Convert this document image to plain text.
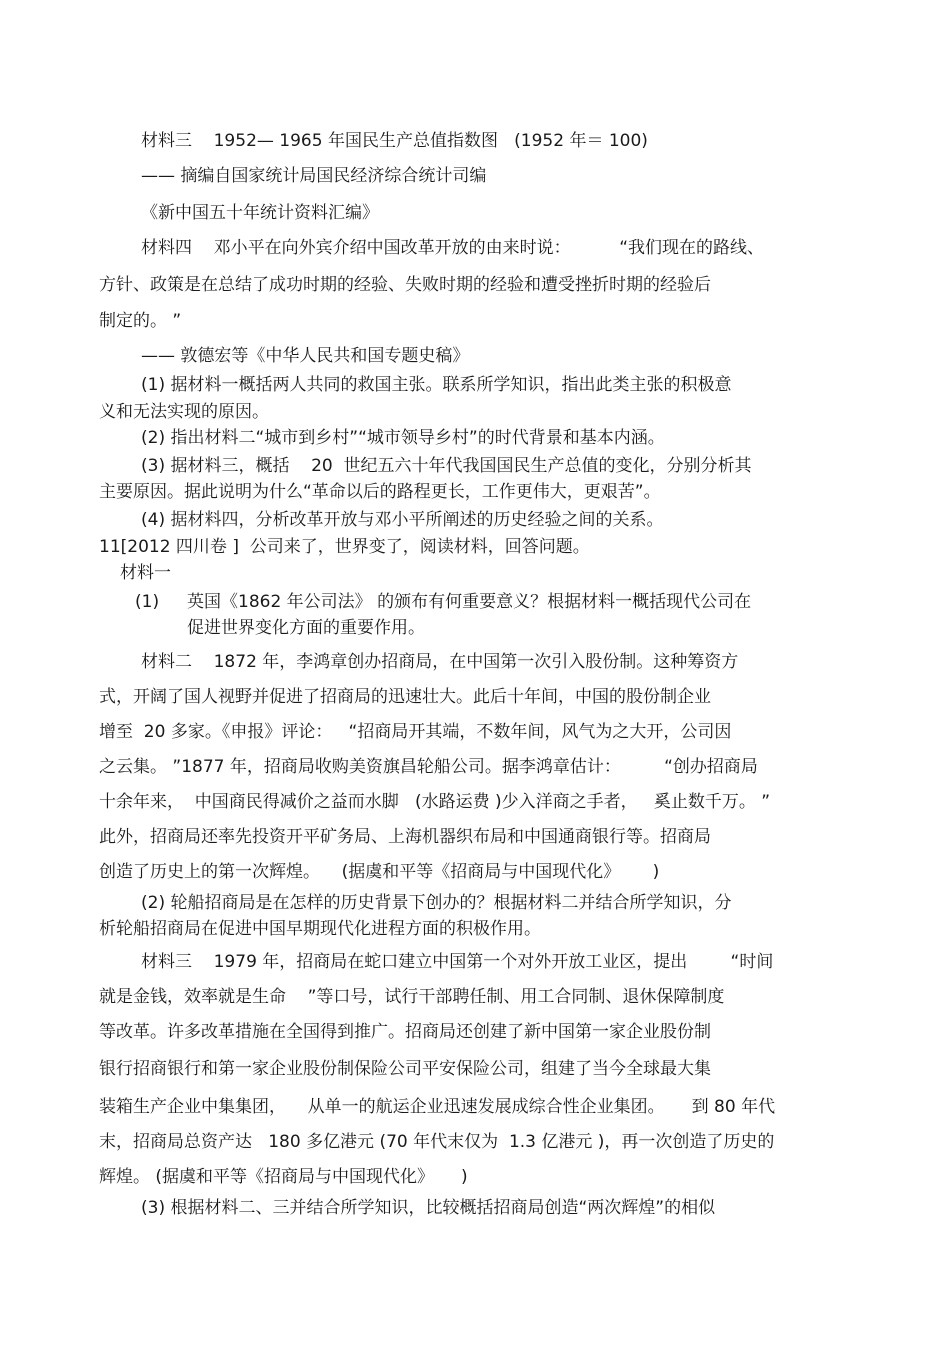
材料三    1952— 1965 年国民生产总值指数图   (1952 年＝ 100)
—— 摘编自国家统计局国民经济综合统计司编
《新中国五十年统计资料汇编》
材料四    邓小平在向外宾介绍中国改革开放的由来时说：         “我们现在的路线、
方针、政策是在总结了成功时期的经验、失败时期的经验和遭受挫折时期的经验后
制定的。 ”
—— 敦德宏等《中华人民共和国专题史稿》
(1) 据材料一概括两人共同的救国主张。联系所学知识，指出此类主张的积极意
义和无法实现的原因。
(2) 指出材料二“城市到乡村”“城市领导乡村”的时代背景和基本内涵。
(3) 据材料三，概括    20  世纪五六十年代我国国民生产总值的变化，分别分析其
主要原因。据此说明为什么“革命以后的路程更长，工作更伟大，更艰苦”。
(4) 据材料四，分析改革开放与邓小平所阐述的历史经验之间的关系。
11[2012 四川卷 ]  公司来了，世界变了，阅读材料，回答问题。
材料一
(1) 英国《1862 年公司法》 的颁布有何重要意义？根据材料一概括现代公司在
促进世界变化方面的重要作用。
材料二    1872 年，李鸿章创办招商局，在中国第一次引入股份制。这种筹资方
式，开阔了国人视野并促进了招商局的迅速壮大。此后十年间，中国的股份制企业
增至  20 多家。《申报》评论：   “招商局开其端，不数年间，风气为之大开，公司因
之云集。 ”1877 年，招商局收购美资旗昌轮船公司。据李鸿章估计：        “创办招商局
十余年来，  中国商民得减价之益而水脚   (水路运费 )少入洋商之手者，   奚止数千万。 ”
此外，招商局还率先投资开平矿务局、上海机器织布局和中国通商银行等。招商局
创造了历史上的第一次辉煌。    (据虞和平等《招商局与中国现代化》      )
(2) 轮船招商局是在怎样的历史背景下创办的？根据材料二并结合所学知识，分
析轮船招商局在促进中国早期现代化进程方面的积极作用。
材料三    1979 年，招商局在蛇口建立中国第一个对外开放工业区，提出        “时间
就是金钱，效率就是生命    ”等口号，试行干部聘任制、用工合同制、退休保障制度
等改革。许多改革措施在全国得到推广。招商局还创建了新中国第一家企业股份制
银行招商银行和第一家企业股份制保险公司平安保险公司，组建了当今全球最大集
装箱生产企业中集集团，    从单一的航运企业迅速发展成综合性企业集团。     到 80 年代
末，招商局总资产达   180 多亿港元 (70 年代末仅为  1.3 亿港元 )，再一次创造了历史的
辉煌。 (据虞和平等《招商局与中国现代化》     )
(3) 根据材料二、三并结合所学知识，比较概括招商局创造“两次辉煌”的相似
